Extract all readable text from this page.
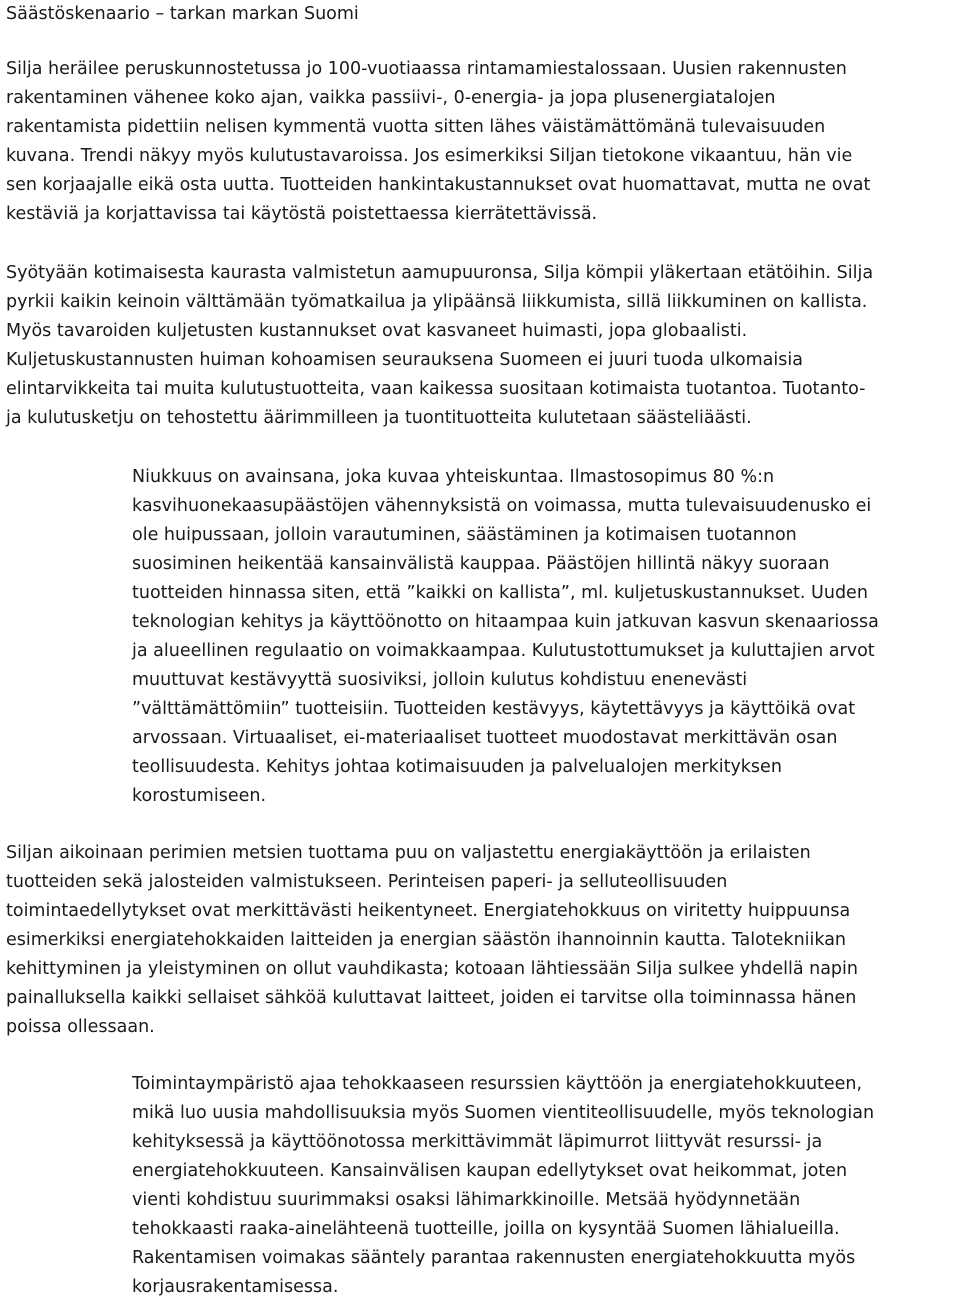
Säästöskenaario – tarkan markan Suomi

Silja heräilee peruskunnostetussa jo 100-vuotiaassa rintamamiestalossaan. Uusien rakennusten
rakentaminen vähenee koko ajan, vaikka passiivi-, 0-energia- ja jopa plusenergiatalojen
rakentamista pidettiin nelisen kymmentä vuotta sitten lähes väistämättömänä tulevaisuuden
kuvana. Trendi näkyy myös kulutustavaroissa. Jos esimerkiksi Siljan tietokone vikaantuu, hän vie
sen korjaajalle eikä osta uutta. Tuotteiden hankintakustannukset ovat huomattavat, mutta ne ovat
kestäviä ja korjattavissa tai käytöstä poistettaessa kierrätettävissä.

Syötyään kotimaisesta kaurasta valmistetun aamupuuronsa, Silja kömpii yläkertaan etätöihin. Silja
pyrkii kaikin keinoin välttämään työmatkailua ja ylipäänsä liikkumista, sillä liikkuminen on kallista.
Myös tavaroiden kuljetusten kustannukset ovat kasvaneet huimasti, jopa globaalisti.
Kuljetuskustannusten huiman kohoamisen seurauksena Suomeen ei juuri tuoda ulkomaisia
elintarvikkeita tai muita kulutustuotteita, vaan kaikessa suositaan kotimaista tuotantoa. Tuotanto-
ja kulutusketju on tehostettu äärimmilleen ja tuontituotteita kulutetaan säästeliäästi.

Niukkuus on avainsana, joka kuvaa yhteiskuntaa. Ilmastosopimus 80 %:n
kasvihuonekaasupäästöjen vähennyksistä on voimassa, mutta tulevaisuudenusko ei
ole huipussaan, jolloin varautuminen, säästäminen ja kotimaisen tuotannon
suosiminen heikentää kansainvälistä kauppaa. Päästöjen hillintä näkyy suoraan
tuotteiden hinnassa siten, että ”kaikki on kallista”, ml. kuljetuskustannukset. Uuden
teknologian kehitys ja käyttöönotto on hitaampaa kuin jatkuvan kasvun skenaariossa
ja alueellinen regulaatio on voimakkaampaa. Kulutustottumukset ja kuluttajien arvot
muuttuvat kestävyyttä suosiviksi, jolloin kulutus kohdistuu enenevästi
”välttämättömiin” tuotteisiin. Tuotteiden kestävyys, käytettävyys ja käyttöikä ovat
arvossaan. Virtuaaliset, ei-materiaaliset tuotteet muodostavat merkittävän osan
teollisuudesta. Kehitys johtaa kotimaisuuden ja palvelualojen merkityksen
korostumiseen.

Siljan aikoinaan perimien metsien tuottama puu on valjastettu energiakäyttöön ja erilaisten
tuotteiden sekä jalosteiden valmistukseen. Perinteisen paperi- ja selluteollisuuden
toimintaedellytykset ovat merkittävästi heikentyneet. Energiatehokkuus on viritetty huippuunsa
esimerkiksi energiatehokkaiden laitteiden ja energian säästön ihannoinnin kautta. Talotekniikan
kehittyminen ja yleistyminen on ollut vauhdikasta; kotoaan lähtiessään Silja sulkee yhdellä napin
painalluksella kaikki sellaiset sähköä kuluttavat laitteet, joiden ei tarvitse olla toiminnassa hänen
poissa ollessaan.

Toimintaympäristö ajaa tehokkaaseen resurssien käyttöön ja energiatehokkuuteen,
mikä luo uusia mahdollisuuksia myös Suomen vientiteollisuudelle, myös teknologian
kehityksessä ja käyttöönotossa merkittävimmät läpimurrot liittyvät resurssi- ja
energiatehokkuuteen. Kansainvälisen kaupan edellytykset ovat heikommat, joten
vienti kohdistuu suurimmaksi osaksi lähimarkkinoille. Metsää hyödynnetään
tehokkaasti raaka-ainelähteenä tuotteille, joilla on kysyntää Suomen lähialueilla.
Rakentamisen voimakas sääntely parantaa rakennusten energiatehokkuutta myös
korjausrakentamisessa.
